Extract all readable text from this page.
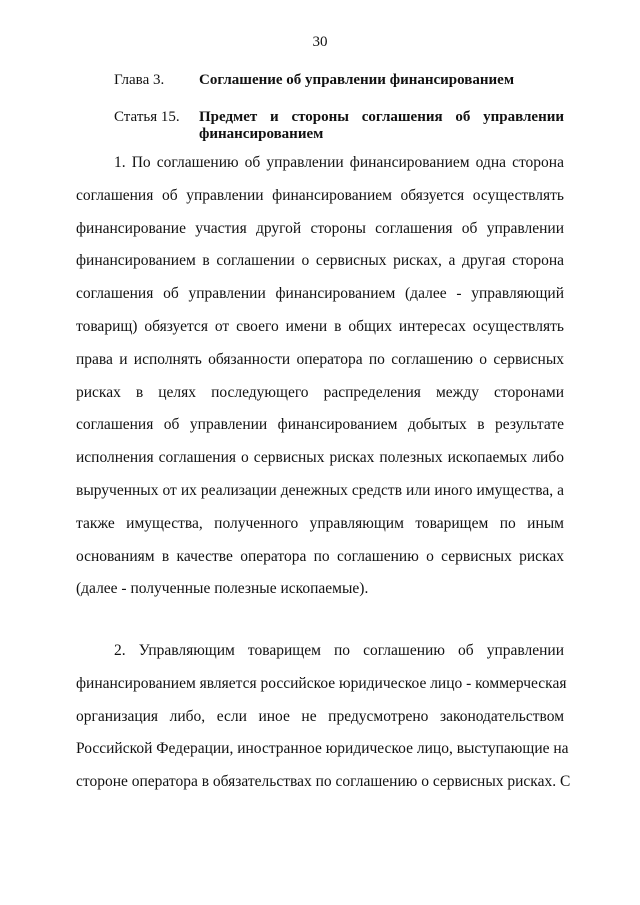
30
Глава 3. Соглашение об управлении финансированием
Статья 15. Предмет и стороны соглашения об управлении финансированием
1. По соглашению об управлении финансированием одна сторона
соглашения об управлении финансированием обязуется осуществлять
финансирование участия другой стороны соглашения об управлении
финансированием в соглашении о сервисных рисках, а другая сторона
соглашения об управлении финансированием (далее - управляющий
товарищ) обязуется от своего имени в общих интересах осуществлять
права и исполнять обязанности оператора по соглашению о сервисных
рисках в целях последующего распределения между сторонами
соглашения об управлении финансированием добытых в результате
исполнения соглашения о сервисных рисках полезных ископаемых либо
вырученных от их реализации денежных средств или иного имущества, а
также имущества, полученного управляющим товарищем по иным
основаниям в качестве оператора по соглашению о сервисных рисках
(далее - полученные полезные ископаемые).
2. Управляющим товарищем по соглашению об управлении
финансированием является российское юридическое лицо - коммерческая
организация либо, если иное не предусмотрено законодательством
Российской Федерации, иностранное юридическое лицо, выступающие на
стороне оператора в обязательствах по соглашению о сервисных рисках. С
